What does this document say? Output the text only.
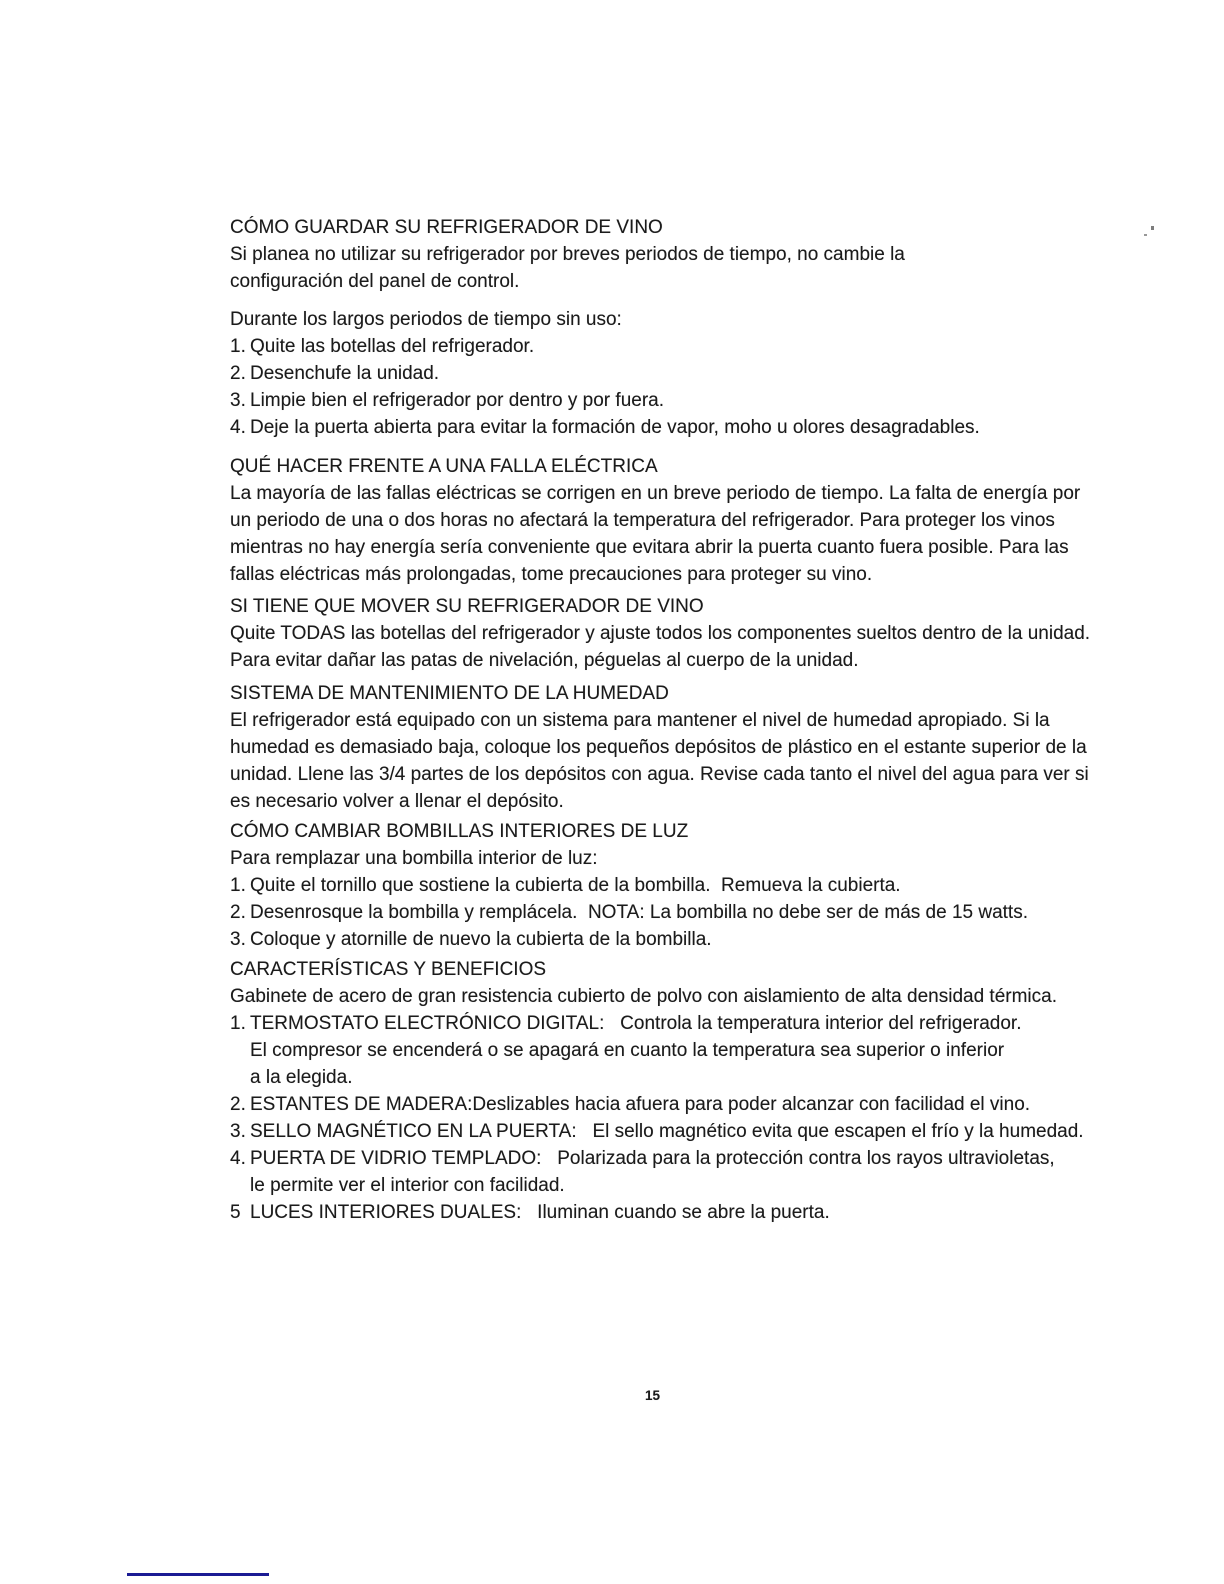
CÓMO GUARDAR SU REFRIGERADOR DE VINO
Si planea no utilizar su refrigerador por breves periodos de tiempo, no cambie la
configuración del panel de control.
Durante los largos periodos de tiempo sin uso:
1. Quite las botellas del refrigerador.
2. Desenchufe la unidad.
3. Limpie bien el refrigerador por dentro y por fuera.
4. Deje la puerta abierta para evitar la formación de vapor, moho u olores desagradables.
QUÉ HACER FRENTE A UNA FALLA ELÉCTRICA
La mayoría de las fallas eléctricas se corrigen en un breve periodo de tiempo. La falta de energía por
un periodo de una o dos horas no afectará la temperatura del refrigerador. Para proteger los vinos
mientras no hay energía sería conveniente que evitara abrir la puerta cuanto fuera posible. Para las
fallas eléctricas más prolongadas, tome precauciones para proteger su vino.
SI TIENE QUE MOVER SU REFRIGERADOR DE VINO
Quite TODAS las botellas del refrigerador y ajuste todos los componentes sueltos dentro de la unidad.
Para evitar dañar las patas de nivelación, péguelas al cuerpo de la unidad.
SISTEMA DE MANTENIMIENTO DE LA HUMEDAD
El refrigerador está equipado con un sistema para mantener el nivel de humedad apropiado. Si la
humedad es demasiado baja, coloque los pequeños depósitos de plástico en el estante superior de la
unidad. Llene las 3/4 partes de los depósitos con agua. Revise cada tanto el nivel del agua para ver si
es necesario volver a llenar el depósito.
CÓMO CAMBIAR BOMBILLAS INTERIORES DE LUZ
Para remplazar una bombilla interior de luz:
1. Quite el tornillo que sostiene la cubierta de la bombilla.  Remueva la cubierta.
2. Desenrosque la bombilla y remplácela.  NOTA: La bombilla no debe ser de más de 15 watts.
3. Coloque y atornille de nuevo la cubierta de la bombilla.
CARACTERÍSTICAS Y BENEFICIOS
Gabinete de acero de gran resistencia cubierto de polvo con aislamiento de alta densidad térmica.
1. TERMOSTATO ELECTRÓNICO DIGITAL:   Controla la temperatura interior del refrigerador.
El compresor se encenderá o se apagará en cuanto la temperatura sea superior o inferior
a la elegida.
2. ESTANTES DE MADERA:Deslizables hacia afuera para poder alcanzar con facilidad el vino.
3. SELLO MAGNÉTICO EN LA PUERTA:   El sello magnético evita que escapen el frío y la humedad.
4. PUERTA DE VIDRIO TEMPLADO:   Polarizada para la protección contra los rayos ultravioletas,
le permite ver el interior con facilidad.
5 LUCES INTERIORES DUALES:   Iluminan cuando se abre la puerta.
15
